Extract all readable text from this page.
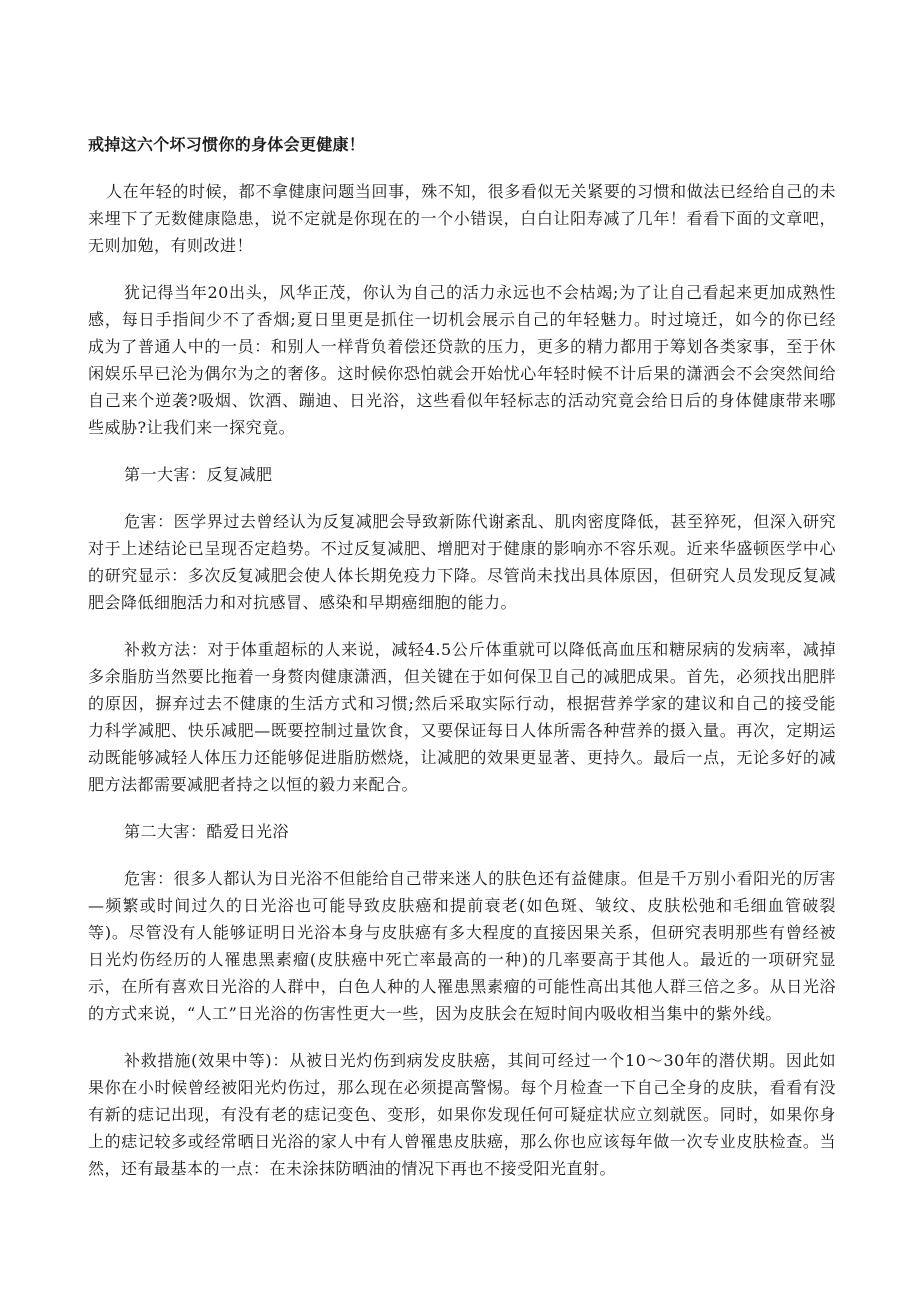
戒掉这六个坏习惯你的身体会更健康！

人在年轻的时候，都不拿健康问题当回事，殊不知，很多看似无关紧要的习惯和做法已经给自己的未来埋下了无数健康隐患，说不定就是你现在的一个小错误，白白让阳寿减了几年！看看下面的文章吧，无则加勉，有则改进！

犹记得当年20出头，风华正茂，你认为自己的活力永远也不会枯竭;为了让自己看起来更加成熟性感，每日手指间少不了香烟;夏日里更是抓住一切机会展示自己的年轻魅力。时过境迁，如今的你已经成为了普通人中的一员：和别人一样背负着偿还贷款的压力，更多的精力都用于筹划各类家事，至于休闲娱乐早已沦为偶尔为之的奢侈。这时候你恐怕就会开始忧心年轻时候不计后果的潇洒会不会突然间给自己来个逆袭?吸烟、饮酒、蹦迪、日光浴，这些看似年轻标志的活动究竟会给日后的身体健康带来哪些威胁?让我们来一探究竟。

第一大害：反复减肥

危害：医学界过去曾经认为反复减肥会导致新陈代谢紊乱、肌肉密度降低，甚至猝死，但深入研究对于上述结论已呈现否定趋势。不过反复减肥、增肥对于健康的影响亦不容乐观。近来华盛顿医学中心的研究显示：多次反复减肥会使人体长期免疫力下降。尽管尚未找出具体原因，但研究人员发现反复减肥会降低细胞活力和对抗感冒、感染和早期癌细胞的能力。

补救方法：对于体重超标的人来说，减轻4.5公斤体重就可以降低高血压和糖尿病的发病率，减掉多余脂肪当然要比拖着一身赘肉健康潇洒，但关键在于如何保卫自己的减肥成果。首先，必须找出肥胖的原因，摒弃过去不健康的生活方式和习惯;然后采取实际行动，根据营养学家的建议和自己的接受能力科学减肥、快乐减肥—既要控制过量饮食，又要保证每日人体所需各种营养的摄入量。再次，定期运动既能够减轻人体压力还能够促进脂肪燃烧，让减肥的效果更显著、更持久。最后一点，无论多好的减肥方法都需要减肥者持之以恒的毅力来配合。

第二大害：酷爱日光浴

危害：很多人都认为日光浴不但能给自己带来迷人的肤色还有益健康。但是千万别小看阳光的厉害—频繁或时间过久的日光浴也可能导致皮肤癌和提前衰老(如色斑、皱纹、皮肤松弛和毛细血管破裂等)。尽管没有人能够证明日光浴本身与皮肤癌有多大程度的直接因果关系，但研究表明那些有曾经被日光灼伤经历的人罹患黑素瘤(皮肤癌中死亡率最高的一种)的几率要高于其他人。最近的一项研究显示，在所有喜欢日光浴的人群中，白色人种的人罹患黑素瘤的可能性高出其他人群三倍之多。从日光浴的方式来说，“人工”日光浴的伤害性更大一些，因为皮肤会在短时间内吸收相当集中的紫外线。

补救措施(效果中等)：从被日光灼伤到病发皮肤癌，其间可经过一个10～30年的潜伏期。因此如果你在小时候曾经被阳光灼伤过，那么现在必须提高警惕。每个月检查一下自己全身的皮肤，看看有没有新的痣记出现，有没有老的痣记变色、变形，如果你发现任何可疑症状应立刻就医。同时，如果你身上的痣记较多或经常晒日光浴的家人中有人曾罹患皮肤癌，那么你也应该每年做一次专业皮肤检查。当然，还有最基本的一点：在未涂抹防晒油的情况下再也不接受阳光直射。
